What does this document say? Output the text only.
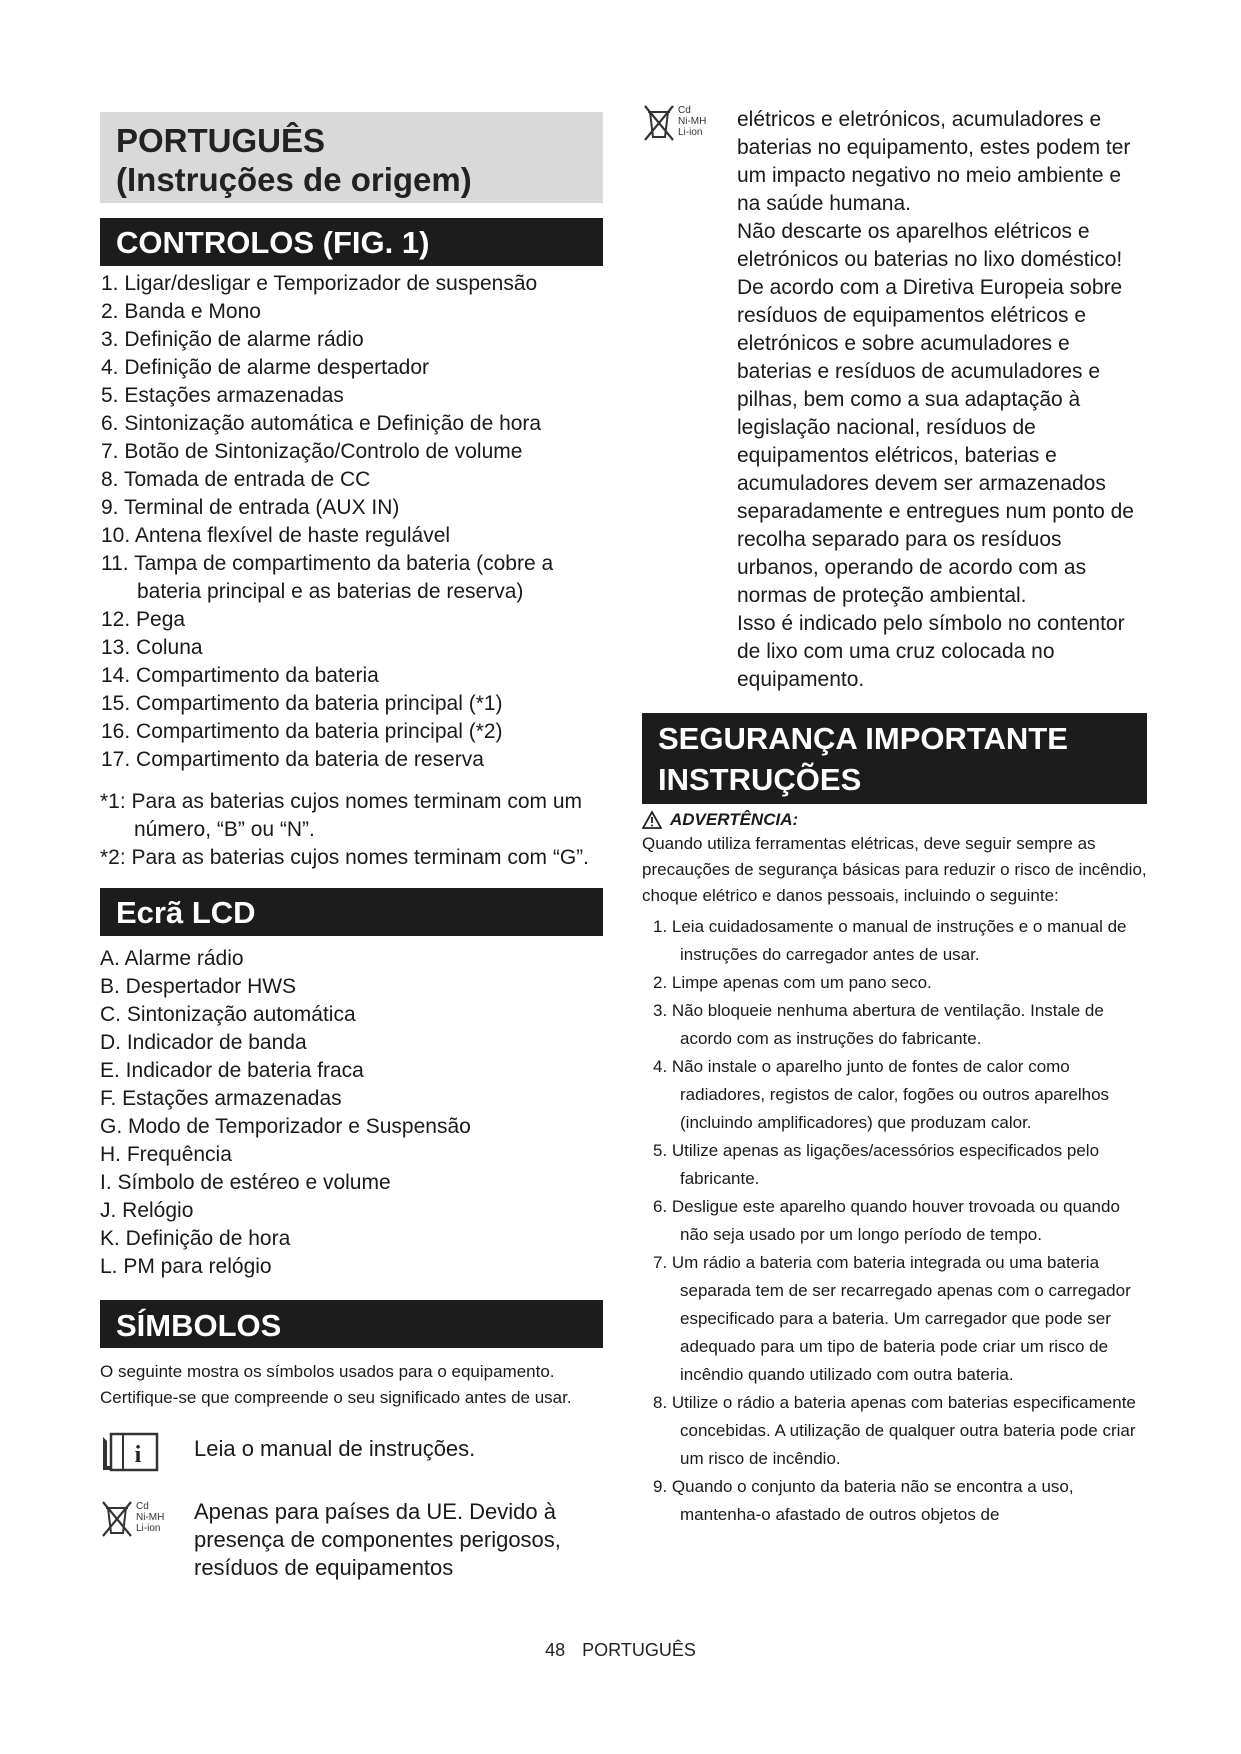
PORTUGUÊS
(Instruções de origem)
CONTROLOS (FIG. 1)
1. Ligar/desligar e Temporizador de suspensão
2. Banda e Mono
3. Definição de alarme rádio
4. Definição de alarme despertador
5. Estações armazenadas
6. Sintonização automática e Definição de hora
7. Botão de Sintonização/Controlo de volume
8. Tomada de entrada de CC
9. Terminal de entrada (AUX IN)
10. Antena flexível de haste regulável
11. Tampa de compartimento da bateria (cobre a bateria principal e as baterias de reserva)
12. Pega
13. Coluna
14. Compartimento da bateria
15. Compartimento da bateria principal (*1)
16. Compartimento da bateria principal (*2)
17. Compartimento da bateria de reserva
*1: Para as baterias cujos nomes terminam com um número, “B” ou “N”.
*2: Para as baterias cujos nomes terminam com “G”.
Ecrã LCD
A. Alarme rádio
B. Despertador HWS
C. Sintonização automática
D. Indicador de banda
E. Indicador de bateria fraca
F. Estações armazenadas
G. Modo de Temporizador e Suspensão
H. Frequência
I. Símbolo de estéreo e volume
J. Relógio
K. Definição de hora
L. PM para relógio
SÍMBOLOS
O seguinte mostra os símbolos usados para o equipamento. Certifique-se que compreende o seu significado antes de usar.
i Leia o manual de instruções.
Cd
Ni-MH
Li-ion
Apenas para países da UE. Devido à presença de componentes perigosos, resíduos de equipamentos
Cd
Ni-MH
Li-ion
elétricos e eletrónicos, acumuladores e baterias no equipamento, estes podem ter um impacto negativo no meio ambiente e na saúde humana.
Não descarte os aparelhos elétricos e eletrónicos ou baterias no lixo doméstico! De acordo com a Diretiva Europeia sobre resíduos de equipamentos elétricos e eletrónicos e sobre acumuladores e baterias e resíduos de acumuladores e pilhas, bem como a sua adaptação à legislação nacional, resíduos de equipamentos elétricos, baterias e acumuladores devem ser armazenados separadamente e entregues num ponto de recolha separado para os resíduos urbanos, operando de acordo com as normas de proteção ambiental.
Isso é indicado pelo símbolo no contentor de lixo com uma cruz colocada no equipamento.
SEGURANÇA IMPORTANTE
INSTRUÇÕES
ADVERTÊNCIA:
Quando utiliza ferramentas elétricas, deve seguir sempre as precauções de segurança básicas para reduzir o risco de incêndio, choque elétrico e danos pessoais, incluindo o seguinte:
1. Leia cuidadosamente o manual de instruções e o manual de instruções do carregador antes de usar.
2. Limpe apenas com um pano seco.
3. Não bloqueie nenhuma abertura de ventilação. Instale de acordo com as instruções do fabricante.
4. Não instale o aparelho junto de fontes de calor como radiadores, registos de calor, fogões ou outros aparelhos (incluindo amplificadores) que produzam calor.
5. Utilize apenas as ligações/acessórios especificados pelo fabricante.
6. Desligue este aparelho quando houver trovoada ou quando não seja usado por um longo período de tempo.
7. Um rádio a bateria com bateria integrada ou uma bateria separada tem de ser recarregado apenas com o carregador especificado para a bateria. Um carregador que pode ser adequado para um tipo de bateria pode criar um risco de incêndio quando utilizado com outra bateria.
8. Utilize o rádio a bateria apenas com baterias especificamente concebidas. A utilização de qualquer outra bateria pode criar um risco de incêndio.
9. Quando o conjunto da bateria não se encontra a uso, mantenha-o afastado de outros objetos de
48 PORTUGUÊS
